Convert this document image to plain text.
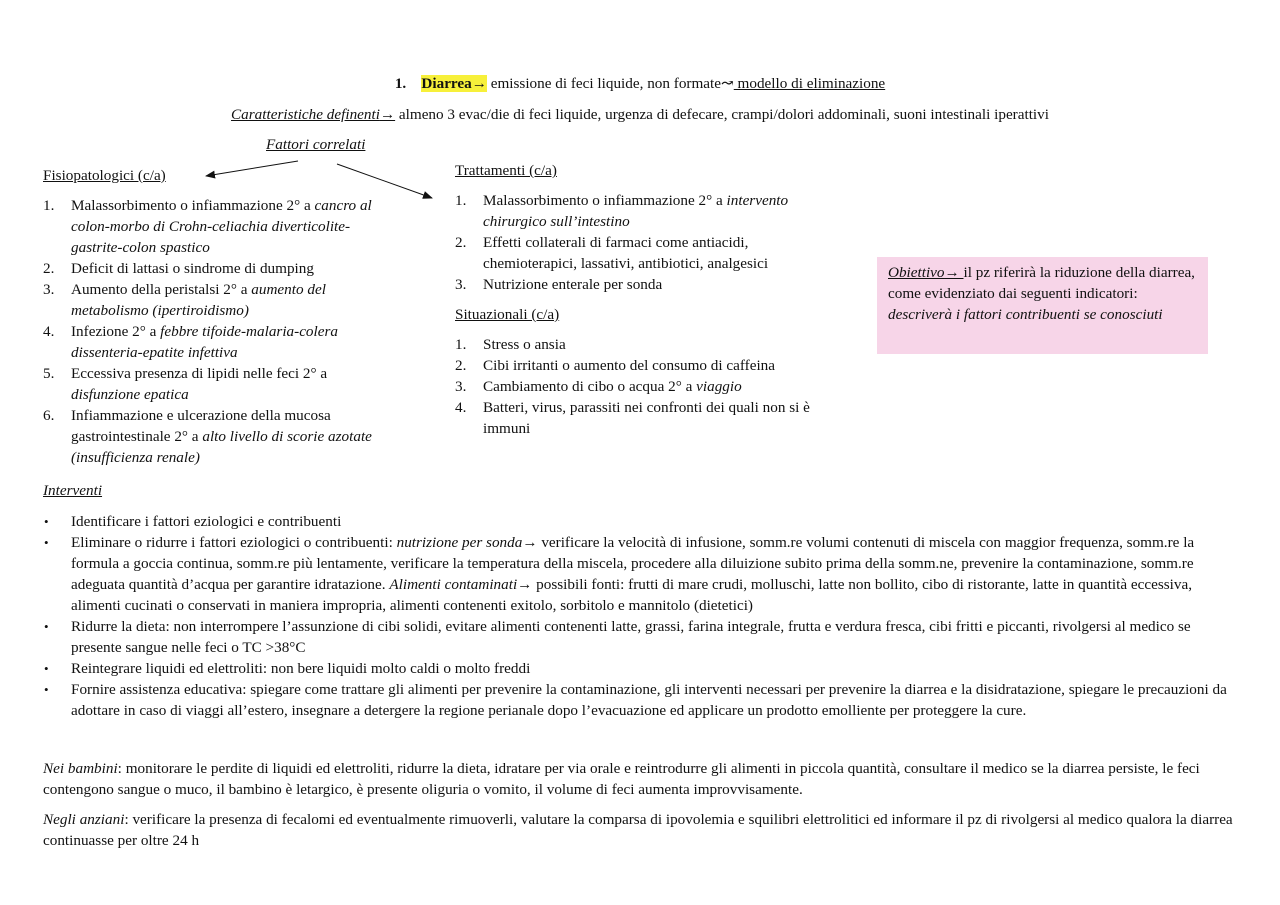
1. Diarrea→ emissione di feci liquide, non formate↝ modello di eliminazione
Caratteristiche definenti→ almeno 3 evac/die di feci liquide, urgenza di defecare, crampi/dolori addominali, suoni intestinali iperattivi
Fattori correlati
Fisiopatologici (c/a)
1. Malassorbimento o infiammazione 2° a cancro al colon-morbo di Crohn-celiachia diverticolite-gastrite-colon spastico
2. Deficit di lattasi o sindrome di dumping
3. Aumento della peristalsi 2° a aumento del metabolismo (ipertiroidismo)
4. Infezione 2° a febbre tifoide-malaria-colera dissenteria-epatite infettiva
5. Eccessiva presenza di lipidi nelle feci 2° a disfunzione epatica
6. Infiammazione e ulcerazione della mucosa gastrointestinale 2° a alto livello di scorie azotate (insufficienza renale)
Trattamenti (c/a)
1. Malassorbimento o infiammazione 2° a intervento chirurgico sull’intestino
2. Effetti collaterali di farmaci come antiacidi, chemioterapici, lassativi, antibiotici, analgesici
3. Nutrizione enterale per sonda
Situazionali (c/a)
1. Stress o ansia
2. Cibi irritanti o aumento del consumo di caffeina
3. Cambiamento di cibo o acqua 2° a viaggio
4. Batteri, virus, parassiti nei confronti dei quali non si è immuni
Obiettivo→ il pz riferirà la riduzione della diarrea, come evidenziato dai seguenti indicatori: descriverà i fattori contribuenti se conosciuti
Interventi
• Identificare i fattori eziologici e contribuenti
• Eliminare o ridurre i fattori eziologici o contribuenti: nutrizione per sonda→ verificare la velocità di infusione, somm.re volumi contenuti di miscela con maggior frequenza, somm.re la formula a goccia continua, somm.re più lentamente, verificare la temperatura della miscela, procedere alla diluizione subito prima della somm.ne, prevenire la contaminazione, somm.re adeguata quantità d’acqua per garantire idratazione. Alimenti contaminati→ possibili fonti: frutti di mare crudi, molluschi, latte non bollito, cibo di ristorante, latte in quantità eccessiva, alimenti cucinati o conservati in maniera impropria, alimenti contenenti exitolo, sorbitolo e mannitolo (dietetici)
• Ridurre la dieta: non interrompere l’assunzione di cibi solidi, evitare alimenti contenenti latte, grassi, farina integrale, frutta e verdura fresca, cibi fritti e piccanti, rivolgersi al medico se presente sangue nelle feci o TC >38°C
• Reintegrare liquidi ed elettroliti: non bere liquidi molto caldi o molto freddi
• Fornire assistenza educativa: spiegare come trattare gli alimenti per prevenire la contaminazione, gli interventi necessari per prevenire la diarrea e la disidratazione, spiegare le precauzioni da adottare in caso di viaggi all’estero, insegnare a detergere la regione perianale dopo l’evacuazione ed applicare un prodotto emolliente per proteggere la cure.
Nei bambini: monitorare le perdite di liquidi ed elettroliti, ridurre la dieta, idratare per via orale e reintrodurre gli alimenti in piccola quantità, consultare il medico se la diarrea persiste, le feci contengono sangue o muco, il bambino è letargico, è presente oliguria o vomito, il volume di feci aumenta improvvisamente.
Negli anziani: verificare la presenza di fecalomi ed eventualmente rimuoverli, valutare la comparsa di ipovolemia e squilibri elettrolitici ed informare il pz di rivolgersi al medico qualora la diarrea continuasse per oltre 24 h
